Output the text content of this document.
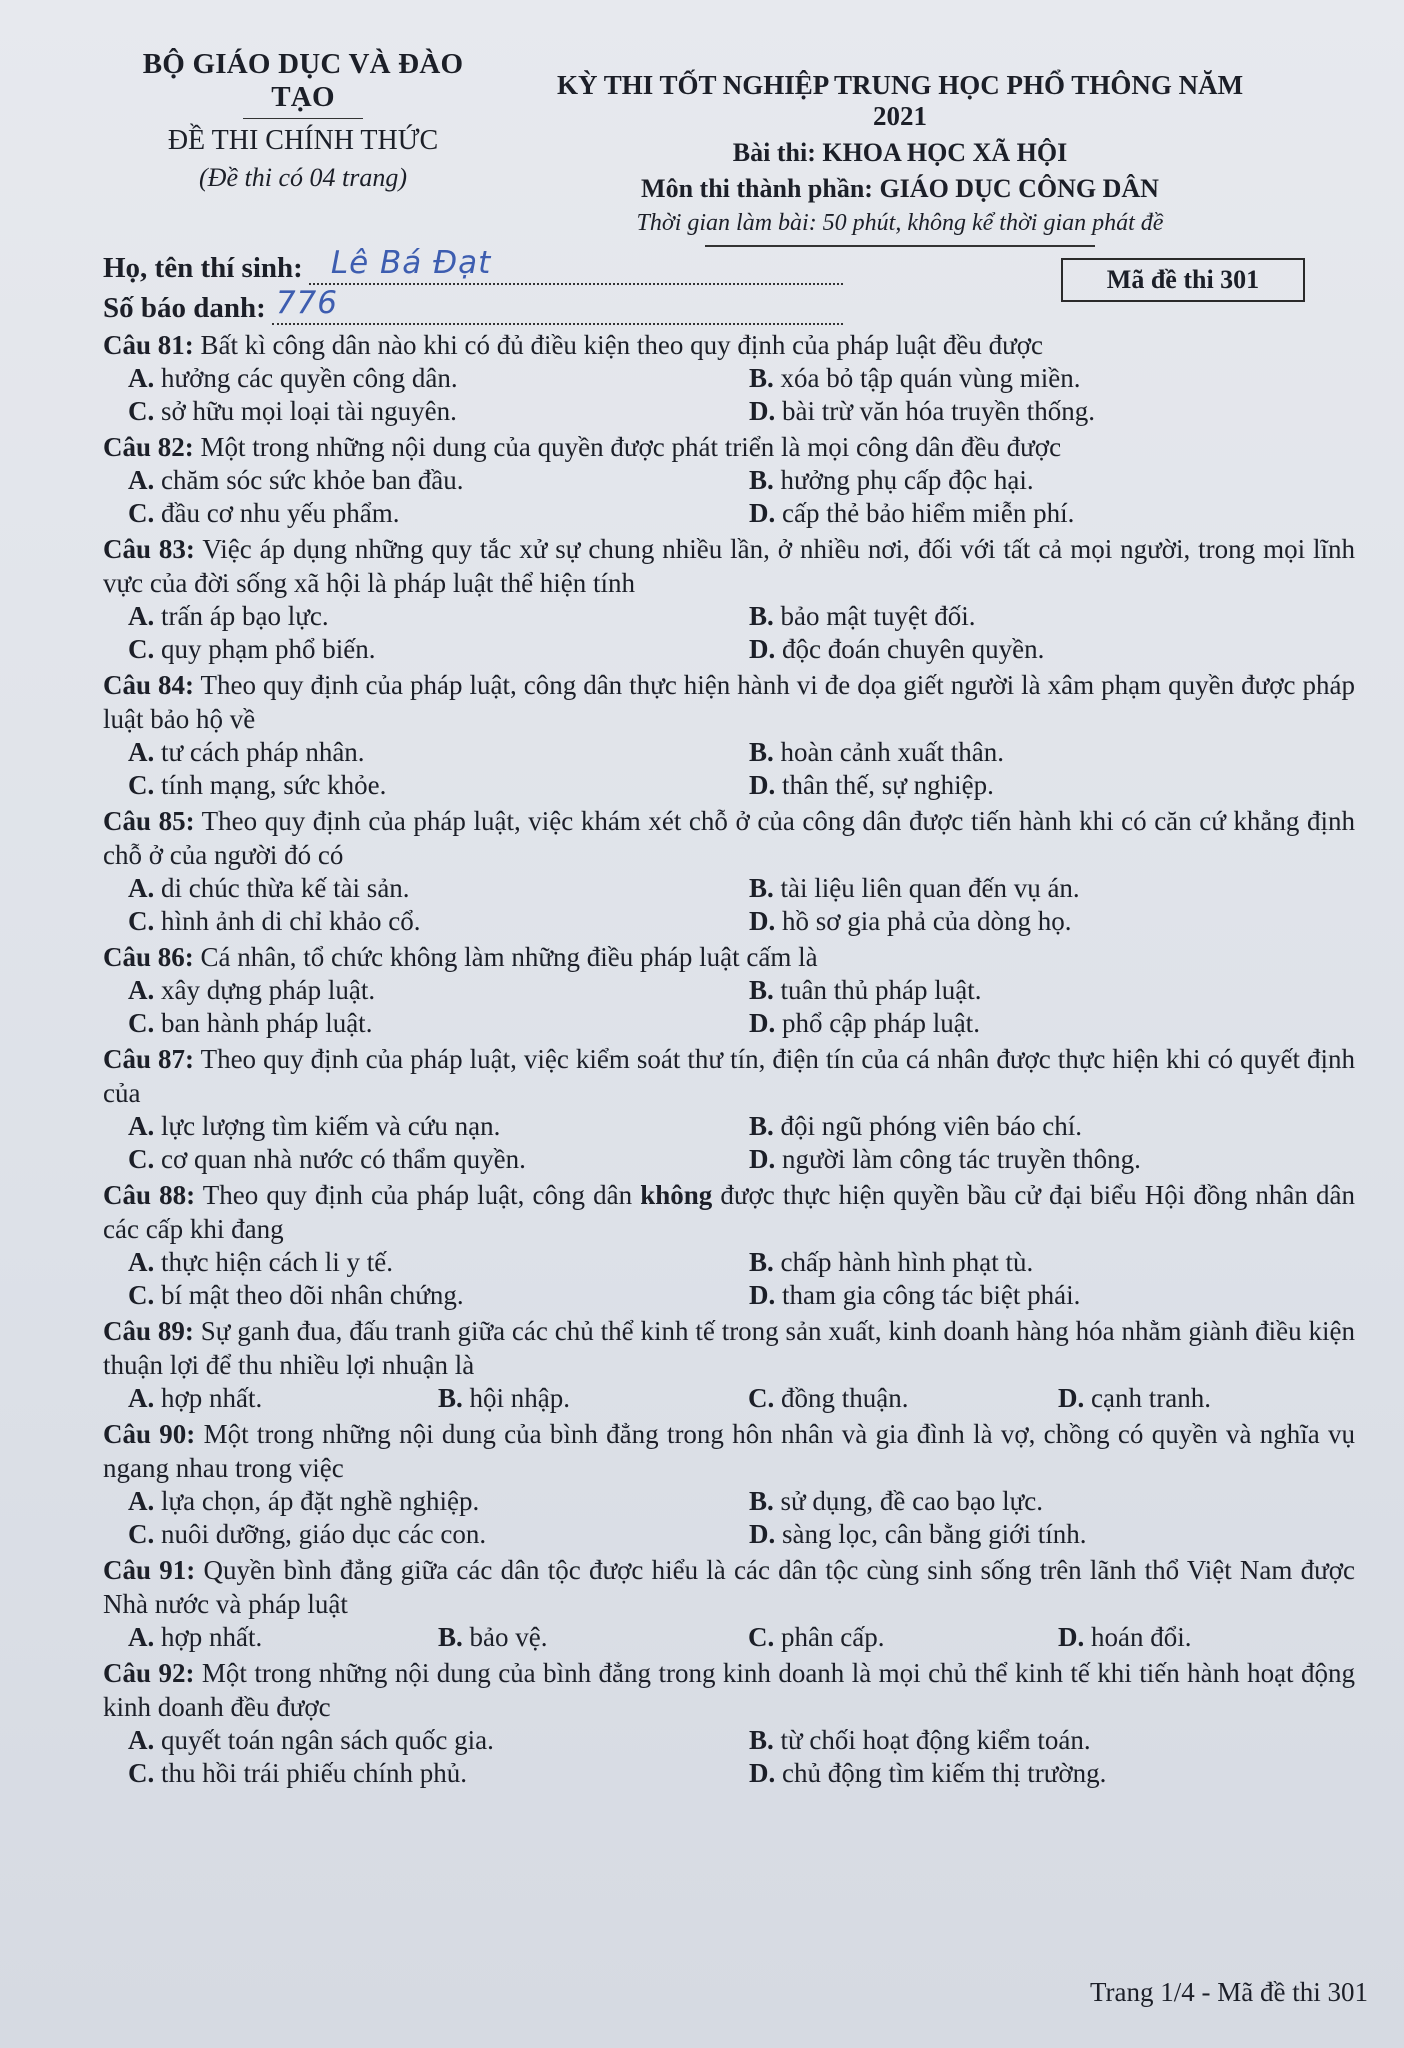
BỘ GIÁO DỤC VÀ ĐÀO TẠO
ĐỀ THI CHÍNH THỨC
(Đề thi có 04 trang)
KỲ THI TỐT NGHIỆP TRUNG HỌC PHỔ THÔNG NĂM 2021
Bài thi: KHOA HỌC XÃ HỘI
Môn thi thành phần: GIÁO DỤC CÔNG DÂN
Thời gian làm bài: 50 phút, không kể thời gian phát đề
Họ, tên thí sinh: Lê Bá Đạt
Số báo danh: 776
Mã đề thi 301
Câu 81: Bất kì công dân nào khi có đủ điều kiện theo quy định của pháp luật đều được
A. hưởng các quyền công dân.	B. xóa bỏ tập quán vùng miền.
C. sở hữu mọi loại tài nguyên.	D. bài trừ văn hóa truyền thống.
Câu 82: Một trong những nội dung của quyền được phát triển là mọi công dân đều được
A. chăm sóc sức khỏe ban đầu.	B. hưởng phụ cấp độc hại.
C. đầu cơ nhu yếu phẩm.	D. cấp thẻ bảo hiểm miễn phí.
Câu 83: Việc áp dụng những quy tắc xử sự chung nhiều lần, ở nhiều nơi, đối với tất cả mọi người, trong mọi lĩnh vực của đời sống xã hội là pháp luật thể hiện tính
A. trấn áp bạo lực.	B. bảo mật tuyệt đối.
C. quy phạm phổ biến.	D. độc đoán chuyên quyền.
Câu 84: Theo quy định của pháp luật, công dân thực hiện hành vi đe dọa giết người là xâm phạm quyền được pháp luật bảo hộ về
A. tư cách pháp nhân.	B. hoàn cảnh xuất thân.
C. tính mạng, sức khỏe.	D. thân thế, sự nghiệp.
Câu 85: Theo quy định của pháp luật, việc khám xét chỗ ở của công dân được tiến hành khi có căn cứ khẳng định chỗ ở của người đó có
A. di chúc thừa kế tài sản.	B. tài liệu liên quan đến vụ án.
C. hình ảnh di chỉ khảo cổ.	D. hồ sơ gia phả của dòng họ.
Câu 86: Cá nhân, tổ chức không làm những điều pháp luật cấm là
A. xây dựng pháp luật.	B. tuân thủ pháp luật.
C. ban hành pháp luật.	D. phổ cập pháp luật.
Câu 87: Theo quy định của pháp luật, việc kiểm soát thư tín, điện tín của cá nhân được thực hiện khi có quyết định của
A. lực lượng tìm kiếm và cứu nạn.	B. đội ngũ phóng viên báo chí.
C. cơ quan nhà nước có thẩm quyền.	D. người làm công tác truyền thông.
Câu 88: Theo quy định của pháp luật, công dân không được thực hiện quyền bầu cử đại biểu Hội đồng nhân dân các cấp khi đang
A. thực hiện cách li y tế.	B. chấp hành hình phạt tù.
C. bí mật theo dõi nhân chứng.	D. tham gia công tác biệt phái.
Câu 89: Sự ganh đua, đấu tranh giữa các chủ thể kinh tế trong sản xuất, kinh doanh hàng hóa nhằm giành điều kiện thuận lợi để thu nhiều lợi nhuận là
A. hợp nhất.	B. hội nhập.	C. đồng thuận.	D. cạnh tranh.
Câu 90: Một trong những nội dung của bình đẳng trong hôn nhân và gia đình là vợ, chồng có quyền và nghĩa vụ ngang nhau trong việc
A. lựa chọn, áp đặt nghề nghiệp.	B. sử dụng, đề cao bạo lực.
C. nuôi dưỡng, giáo dục các con.	D. sàng lọc, cân bằng giới tính.
Câu 91: Quyền bình đẳng giữa các dân tộc được hiểu là các dân tộc cùng sinh sống trên lãnh thổ Việt Nam được Nhà nước và pháp luật
A. hợp nhất.	B. bảo vệ.	C. phân cấp.	D. hoán đổi.
Câu 92: Một trong những nội dung của bình đẳng trong kinh doanh là mọi chủ thể kinh tế khi tiến hành hoạt động kinh doanh đều được
A. quyết toán ngân sách quốc gia.	B. từ chối hoạt động kiểm toán.
C. thu hồi trái phiếu chính phủ.	D. chủ động tìm kiếm thị trường.
Trang 1/4 - Mã đề thi 301
